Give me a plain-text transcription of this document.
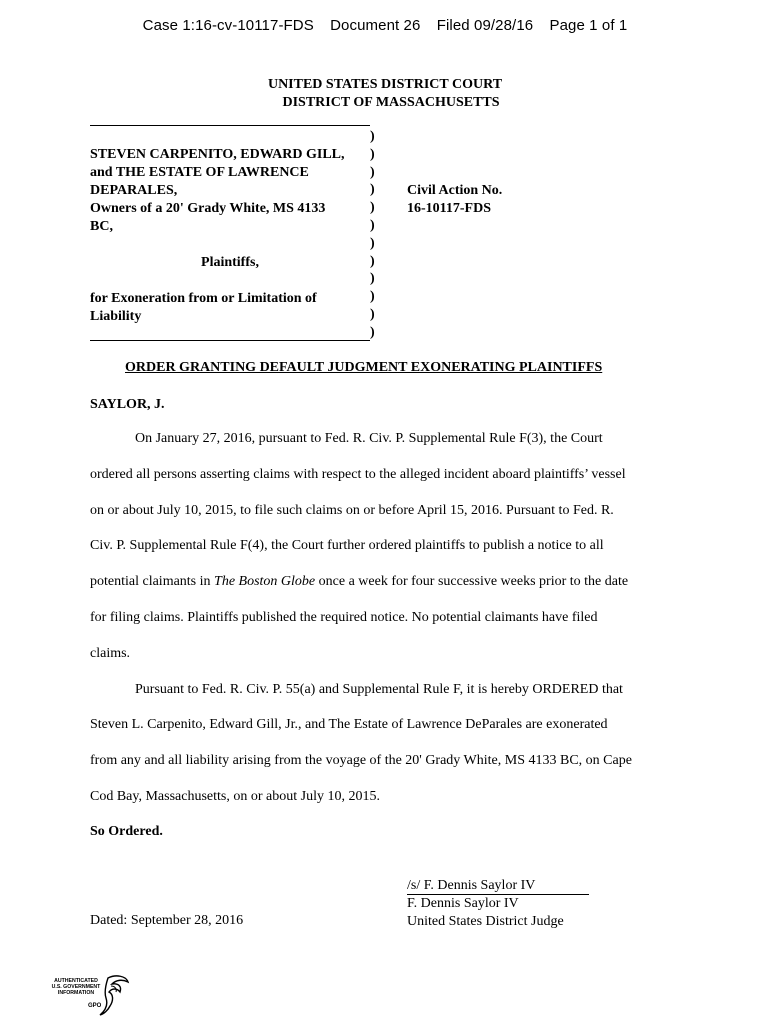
Case 1:16-cv-10117-FDS Document 26 Filed 09/28/16 Page 1 of 1
UNITED STATES DISTRICT COURT
DISTRICT OF MASSACHUSETTS
STEVEN CARPENITO, EDWARD GILL,
and THE ESTATE OF LAWRENCE
DEPARALES,
Owners of a 20' Grady White, MS 4133
BC,
Plaintiffs,
for Exoneration from or Limitation of
Liability
)
)
)
)
)
)
)
)
)
)
)
)
Civil Action No.
16-10117-FDS
ORDER GRANTING DEFAULT JUDGMENT EXONERATING PLAINTIFFS
SAYLOR, J.

On January 27, 2016, pursuant to Fed. R. Civ. P. Supplemental Rule F(3), the Court

ordered all persons asserting claims with respect to the alleged incident aboard plaintiffs’ vessel

on or about July 10, 2015, to file such claims on or before April 15, 2016. Pursuant to Fed. R.

Civ. P. Supplemental Rule F(4), the Court further ordered plaintiffs to publish a notice to all

potential claimants in The Boston Globe once a week for four successive weeks prior to the date

for filing claims. Plaintiffs published the required notice. No potential claimants have filed

claims.

Pursuant to Fed. R. Civ. P. 55(a) and Supplemental Rule F, it is hereby ORDERED that

Steven L. Carpenito, Edward Gill, Jr., and The Estate of Lawrence DeParales are exonerated

from any and all liability arising from the voyage of the 20' Grady White, MS 4133 BC, on Cape

Cod Bay, Massachusetts, on or about July 10, 2015.

So Ordered.
/s/ F. Dennis Saylor IV
F. Dennis Saylor IV
United States District Judge
Dated: September 28, 2016
AUTHENTICATED
U.S. GOVERNMENT
INFORMATION
GPO
